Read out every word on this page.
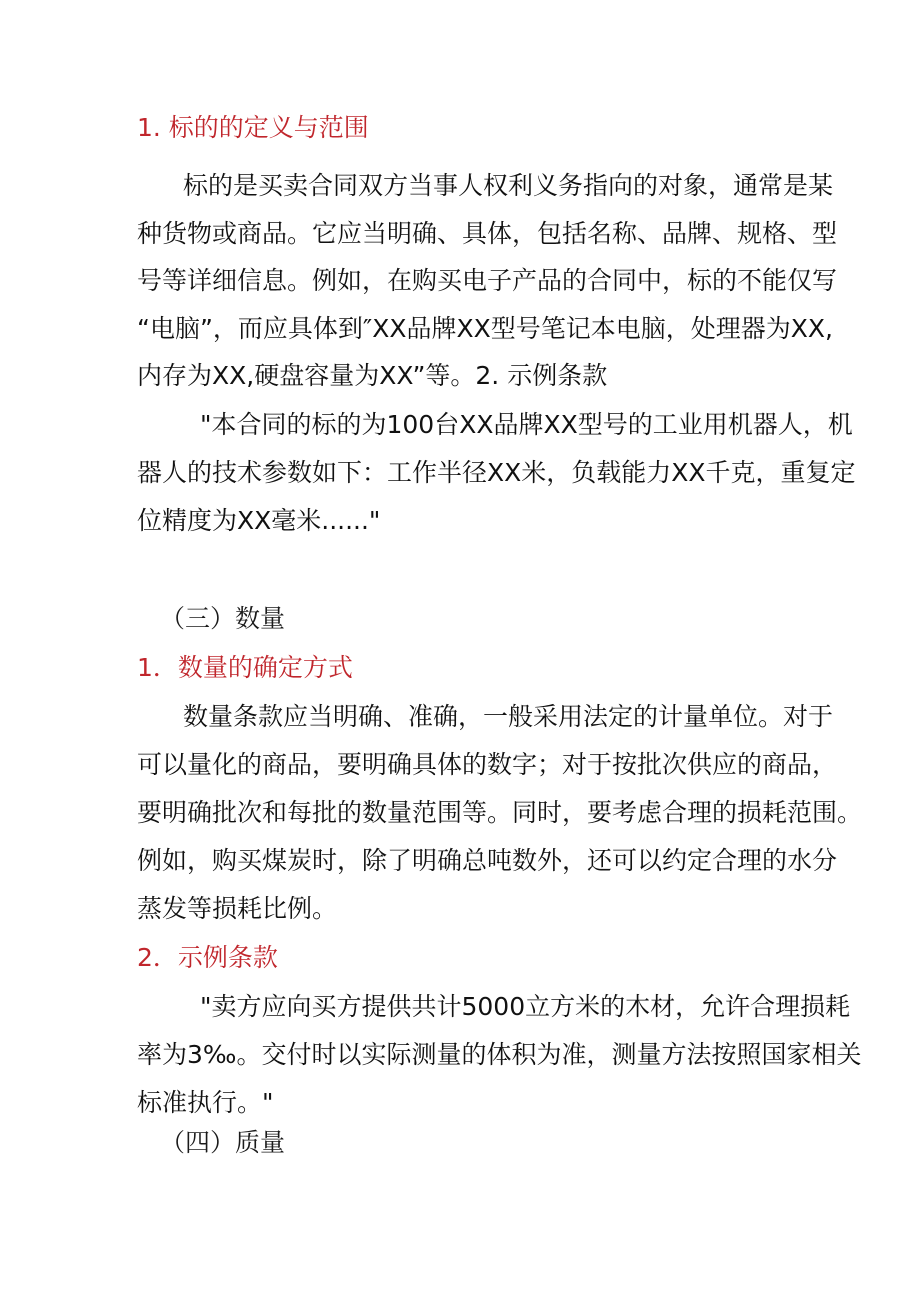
1. 标的的定义与范围
标的是买卖合同双方当事人权利义务指向的对象，通常是某
种货物或商品。它应当明确、具体，包括名称、品牌、规格、型
号等详细信息。例如，在购买电子产品的合同中，标的不能仅写
“电脑”，而应具体到″XX品牌XX型号笔记本电脑，处理器为XX,
内存为XX,硬盘容量为XX”等。2. 示例条款
"本合同的标的为100台XX品牌XX型号的工业用机器人，机
器人的技术参数如下：工作半径XX米，负载能力XX千克，重复定
位精度为XX毫米......"
（三）数量
1．数量的确定方式
数量条款应当明确、准确，一般采用法定的计量单位。对于
可以量化的商品，要明确具体的数字；对于按批次供应的商品，
要明确批次和每批的数量范围等。同时，要考虑合理的损耗范围。
例如，购买煤炭时，除了明确总吨数外，还可以约定合理的水分
蒸发等损耗比例。
2．示例条款
"卖方应向买方提供共计5000立方米的木材，允许合理损耗
率为3‰。交付时以实际测量的体积为准，测量方法按照国家相关
标准执行。"
（四）质量
